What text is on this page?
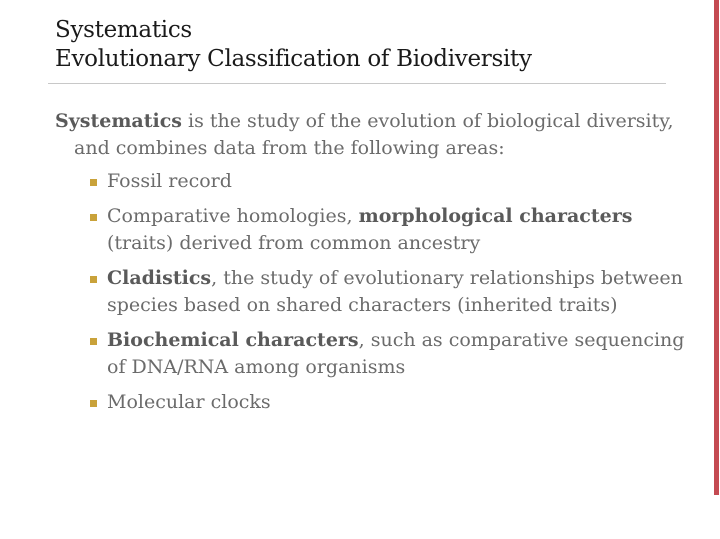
Systematics
Evolutionary Classification of Biodiversity

Systematics is the study of the evolution of biological diversity, and combines data from the following areas:

Fossil record
Comparative homologies, morphological characters (traits) derived from common ancestry
Cladistics, the study of evolutionary relationships between species based on shared characters (inherited traits)
Biochemical characters, such as comparative sequencing of DNA/RNA among organisms
Molecular clocks
